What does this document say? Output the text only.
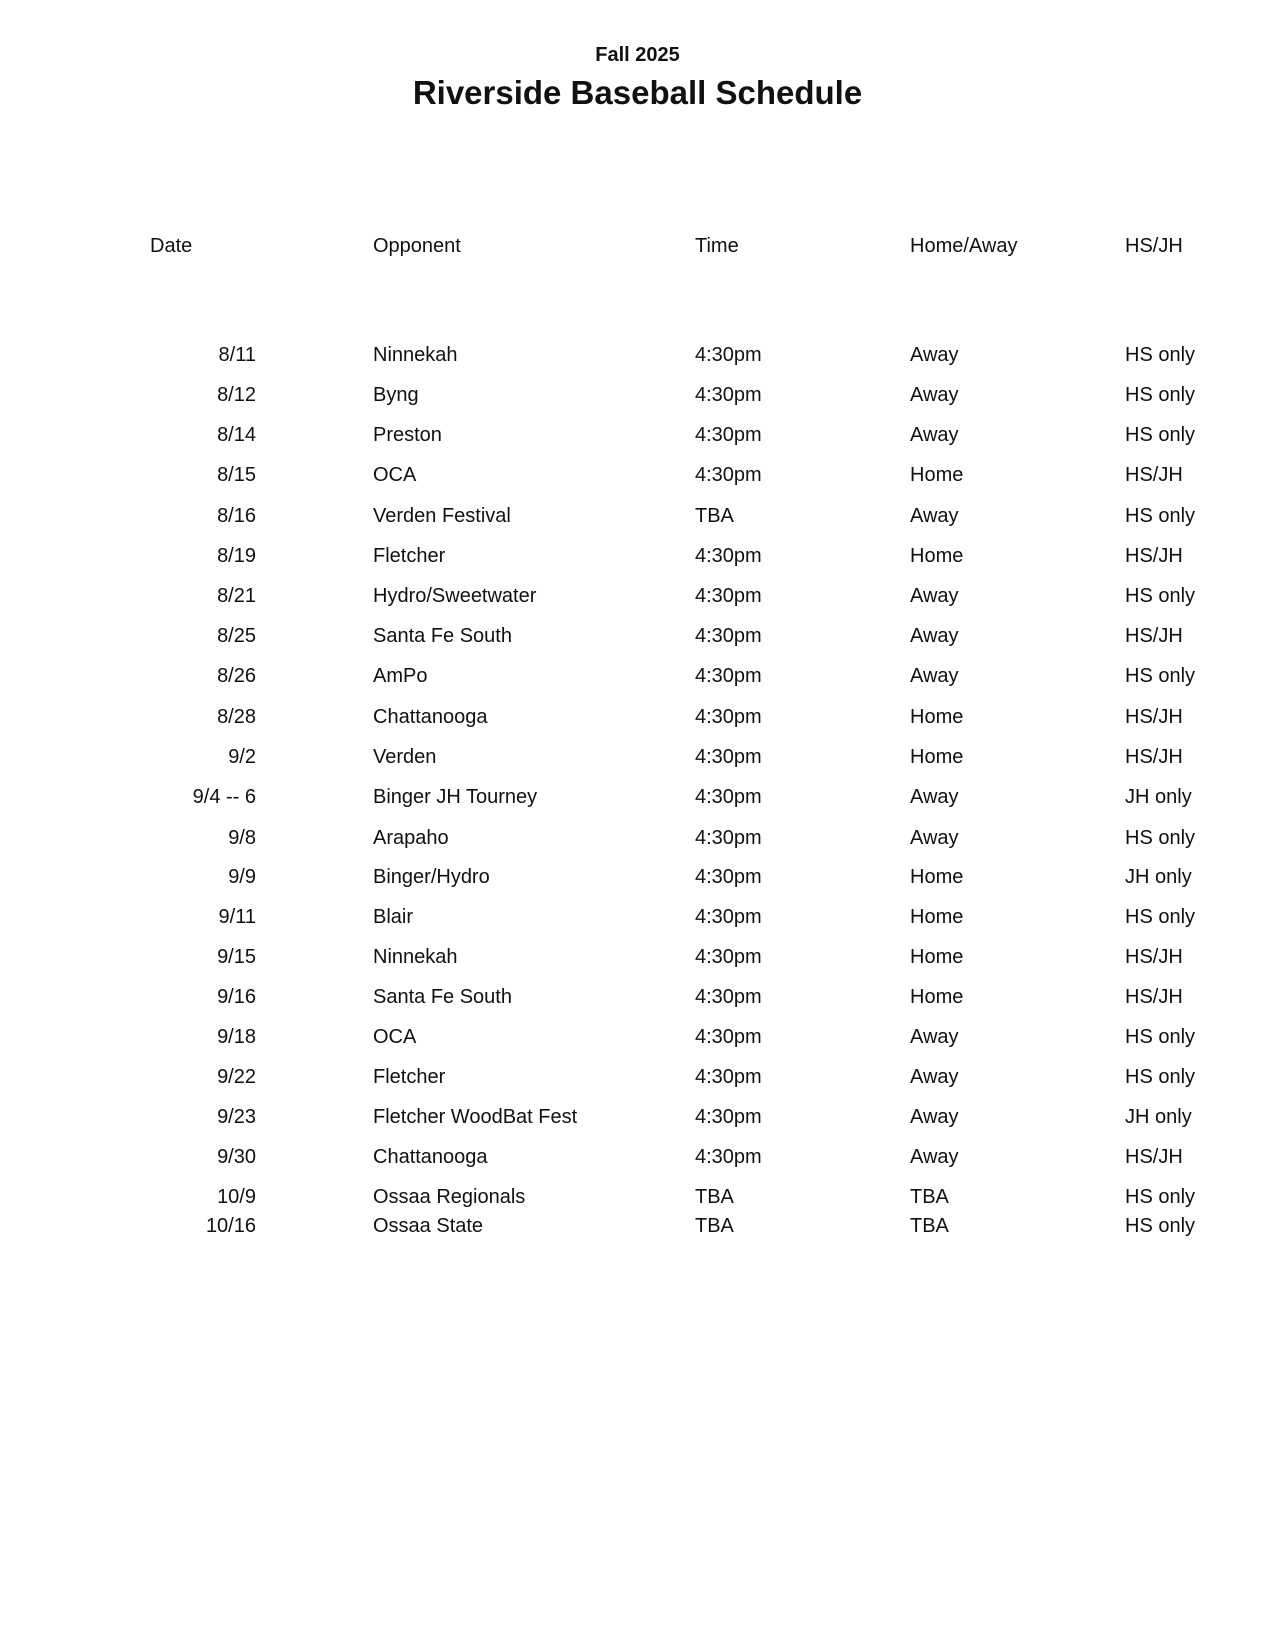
Fall 2025
Riverside Baseball Schedule
Date	Opponent	Time	Home/Away	HS/JH
8/11	Ninnekah	4:30pm	Away	HS only
8/12	Byng	4:30pm	Away	HS only
8/14	Preston	4:30pm	Away	HS only
8/15	OCA	4:30pm	Home	HS/JH
8/16	Verden Festival	TBA	Away	HS only
8/19	Fletcher	4:30pm	Home	HS/JH
8/21	Hydro/Sweetwater	4:30pm	Away	HS only
8/25	Santa Fe South	4:30pm	Away	HS/JH
8/26	AmPo	4:30pm	Away	HS only
8/28	Chattanooga	4:30pm	Home	HS/JH
9/2	Verden	4:30pm	Home	HS/JH
9/4 -- 6	Binger JH Tourney	4:30pm	Away	JH only
9/8	Arapaho	4:30pm	Away	HS only
9/9	Binger/Hydro	4:30pm	Home	JH only
9/11	Blair	4:30pm	Home	HS only
9/15	Ninnekah	4:30pm	Home	HS/JH
9/16	Santa Fe South	4:30pm	Home	HS/JH
9/18	OCA	4:30pm	Away	HS only
9/22	Fletcher	4:30pm	Away	HS only
9/23	Fletcher WoodBat Fest	4:30pm	Away	JH only
9/30	Chattanooga	4:30pm	Away	HS/JH
10/9	Ossaa Regionals	TBA	TBA	HS only
10/16	Ossaa State	TBA	TBA	HS only
